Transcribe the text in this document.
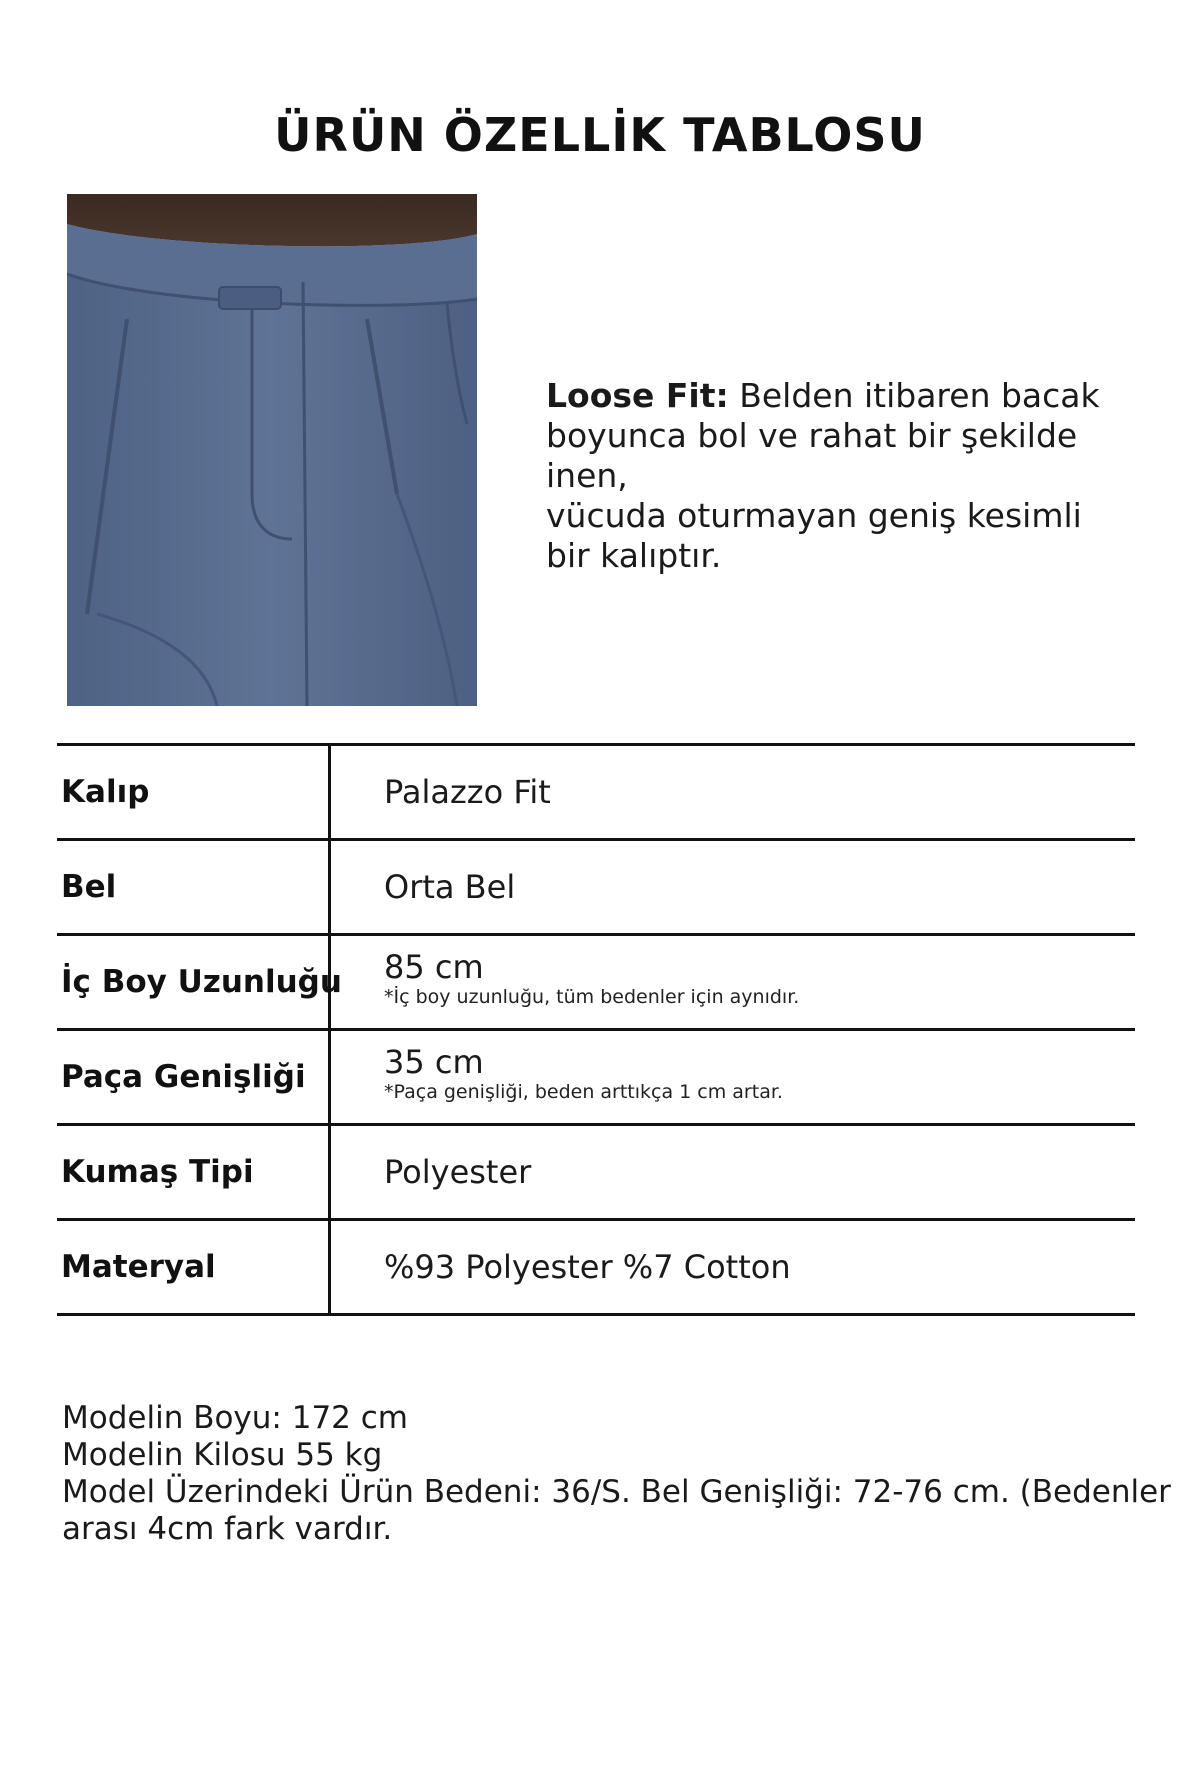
ÜRÜN ÖZELLİK TABLOSU
Loose Fit: Belden itibaren bacak
boyunca bol ve rahat bir şekilde inen,
vücuda oturmayan geniş kesimli
bir kalıptır.
Kalıp	Palazzo Fit
Bel	Orta Bel
İç Boy Uzunluğu 85 cm
*İç boy uzunluğu, tüm bedenler için aynıdır.
Paça Genişliği 35 cm
*Paça genişliği, beden arttıkça 1 cm artar.
Kumaş Tipi	Polyester
Materyal	%93 Polyester %7 Cotton
Modelin Boyu: 172 cm
Modelin Kilosu 55 kg
Model Üzerindeki Ürün Bedeni: 36/S. Bel Genişliği: 72-76 cm. (Bedenler
arası 4cm fark vardır.
